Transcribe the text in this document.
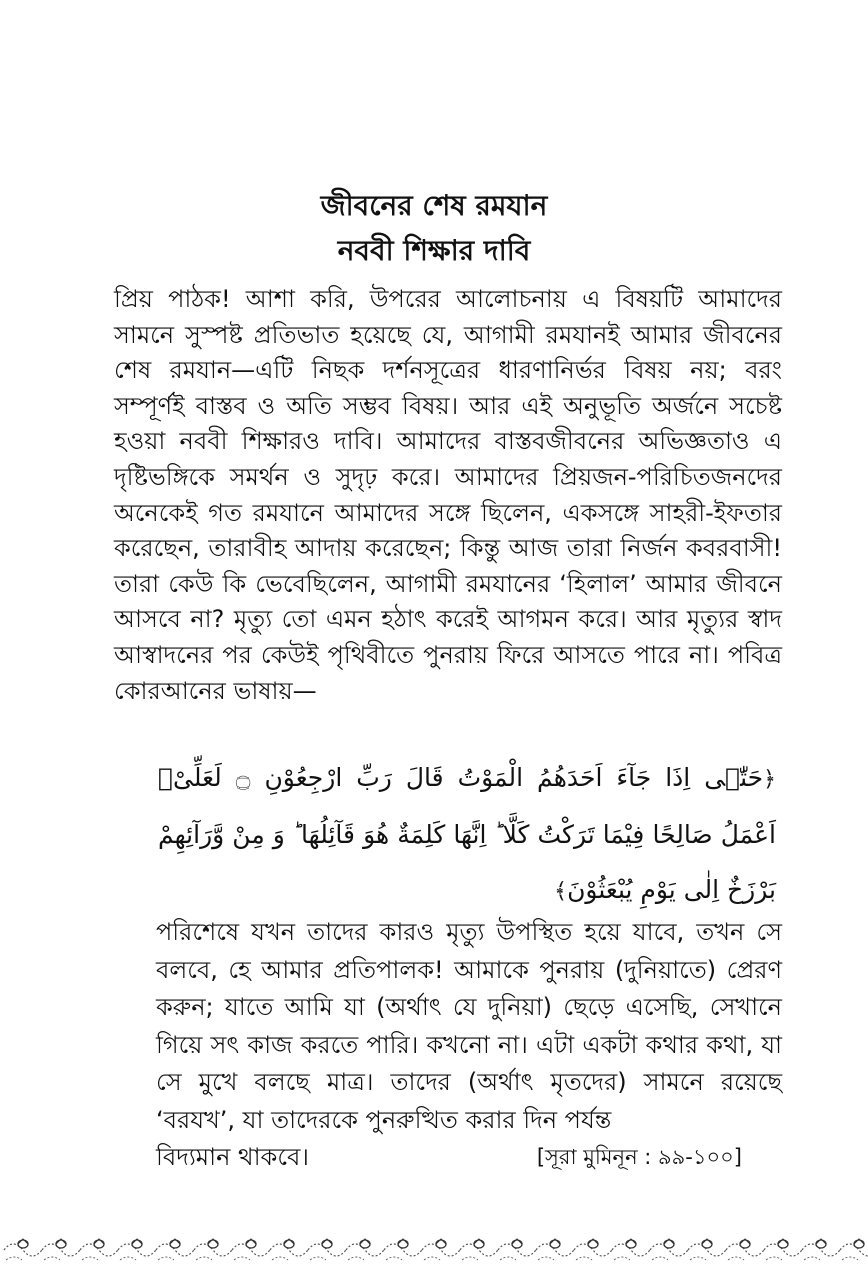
জীবনের শেষ রমযান
নববী শিক্ষার দাবি

প্রিয় পাঠক! আশা করি, উপরের আলোচনায় এ বিষয়টি আমাদের সামনে সুস্পষ্ট প্রতিভাত হয়েছে যে, আগামী রমযানই আমার জীবনের শেষ রমযান—এটি নিছক দর্শনসূত্রের ধারণানির্ভর বিষয় নয়; বরং সম্পূর্ণই বাস্তব ও অতি সম্ভব বিষয়। আর এই অনুভূতি অর্জনে সচেষ্ট হওয়া নববী শিক্ষারও দাবি। আমাদের বাস্তবজীবনের অভিজ্ঞতাও এ দৃষ্টিভঙ্গিকে সমর্থন ও সুদৃঢ় করে। আমাদের প্রিয়জন-পরিচিতজনদের অনেকেই গত রমযানে আমাদের সঙ্গে ছিলেন, একসঙ্গে সাহরী-ইফতার করেছেন, তারাবীহ আদায় করেছেন; কিন্তু আজ তারা নির্জন কবরবাসী! তারা কেউ কি ভেবেছিলেন, আগামী রমযানের ‘হিলাল’ আমার জীবনে আসবে না? মৃত্যু তো এমন হঠাৎ করেই আগমন করে। আর মৃত্যুর স্বাদ আস্বাদনের পর কেউই পৃথিবীতে পুনরায় ফিরে আসতে পারে না। পবিত্র কোরআনের ভাষায়—

﴿حَتّٰۤى اِذَا جَآءَ اَحَدَهُمُ الْمَوْتُ قَالَ رَبِّ ارْجِعُوْنِ ۝ لَعَلِّیْۤ اَعْمَلُ صَالِحًا فِیْمَا تَرَكْتُ كَلَّا ؕ اِنَّهَا كَلِمَةٌ هُوَ قَآئِلُهَا ؕ وَ مِنْ وَّرَآئِهِمْ بَرْزَخٌ اِلٰی یَوْمِ یُبْعَثُوْنَ﴾

পরিশেষে যখন তাদের কারও মৃত্যু উপস্থিত হয়ে যাবে, তখন সে বলবে, হে আমার প্রতিপালক! আমাকে পুনরায় (দুনিয়াতে) প্রেরণ করুন; যাতে আমি যা (অর্থাৎ যে দুনিয়া) ছেড়ে এসেছি, সেখানে গিয়ে সৎ কাজ করতে পারি। কখনো না। এটা একটা কথার কথা, যা সে মুখে বলছে মাত্র। তাদের (অর্থাৎ মৃতদের) সামনে রয়েছে ‘বরযখ’, যা তাদেরকে পুনরুত্থিত করার দিন পর্যন্ত

বিদ্যমান থাকবে।	[সূরা মুমিনূন : ৯৯-১০০]
